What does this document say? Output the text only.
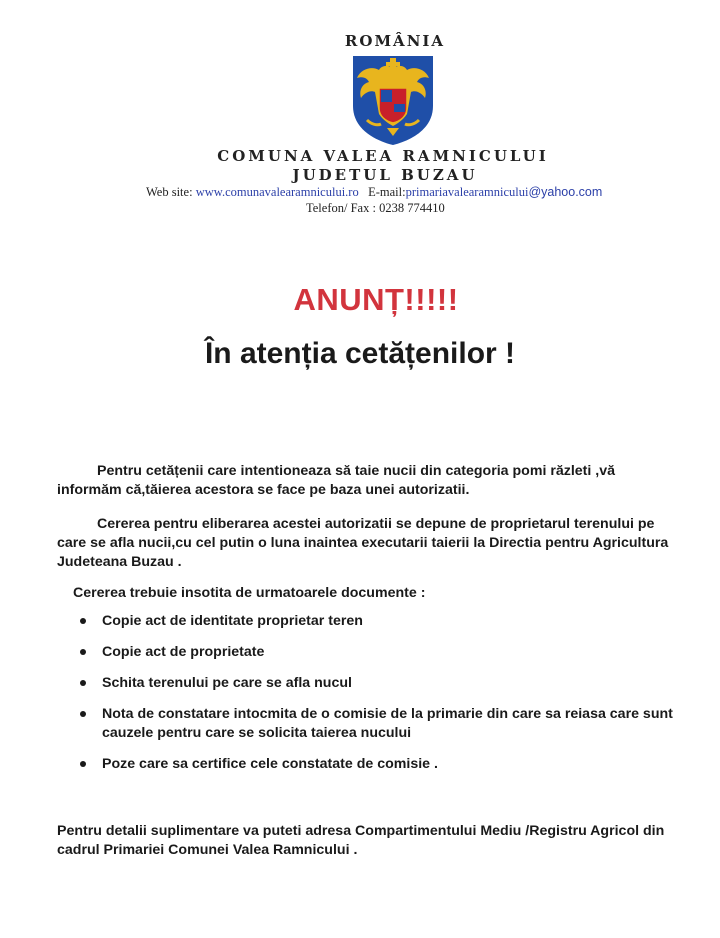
ROMÂNIA
COMUNA VALEA RAMNICULUI
JUDETUL BUZAU
Web site: www.comunavalearamnicului.ro E-mail:primariavalearamnicului@yahoo.com
Telefon/ Fax : 0238 774410
ANUNȚ!!!!!
În atenția cetățenilor !
Pentru cetățenii care intentioneaza să taie nucii din categoria pomi răzleti ,vă informăm că,tăierea acestora se face pe baza unei autorizatii.
Cererea pentru eliberarea acestei autorizatii se depune de proprietarul terenului pe care se afla nucii,cu cel putin o luna inaintea executarii taierii la Directia pentru Agricultura Judeteana Buzau .
Cererea trebuie insotita de urmatoarele documente :
Copie act de identitate proprietar teren
Copie act de proprietate
Schita terenului pe care se afla nucul
Nota de constatare intocmita de o comisie de la primarie din care sa reiasa care sunt cauzele pentru care se solicita taierea nucului
Poze care sa certifice cele constatate de comisie .
Pentru detalii suplimentare va puteti adresa Compartimentului Mediu /Registru Agricol din cadrul Primariei Comunei Valea Ramnicului .
